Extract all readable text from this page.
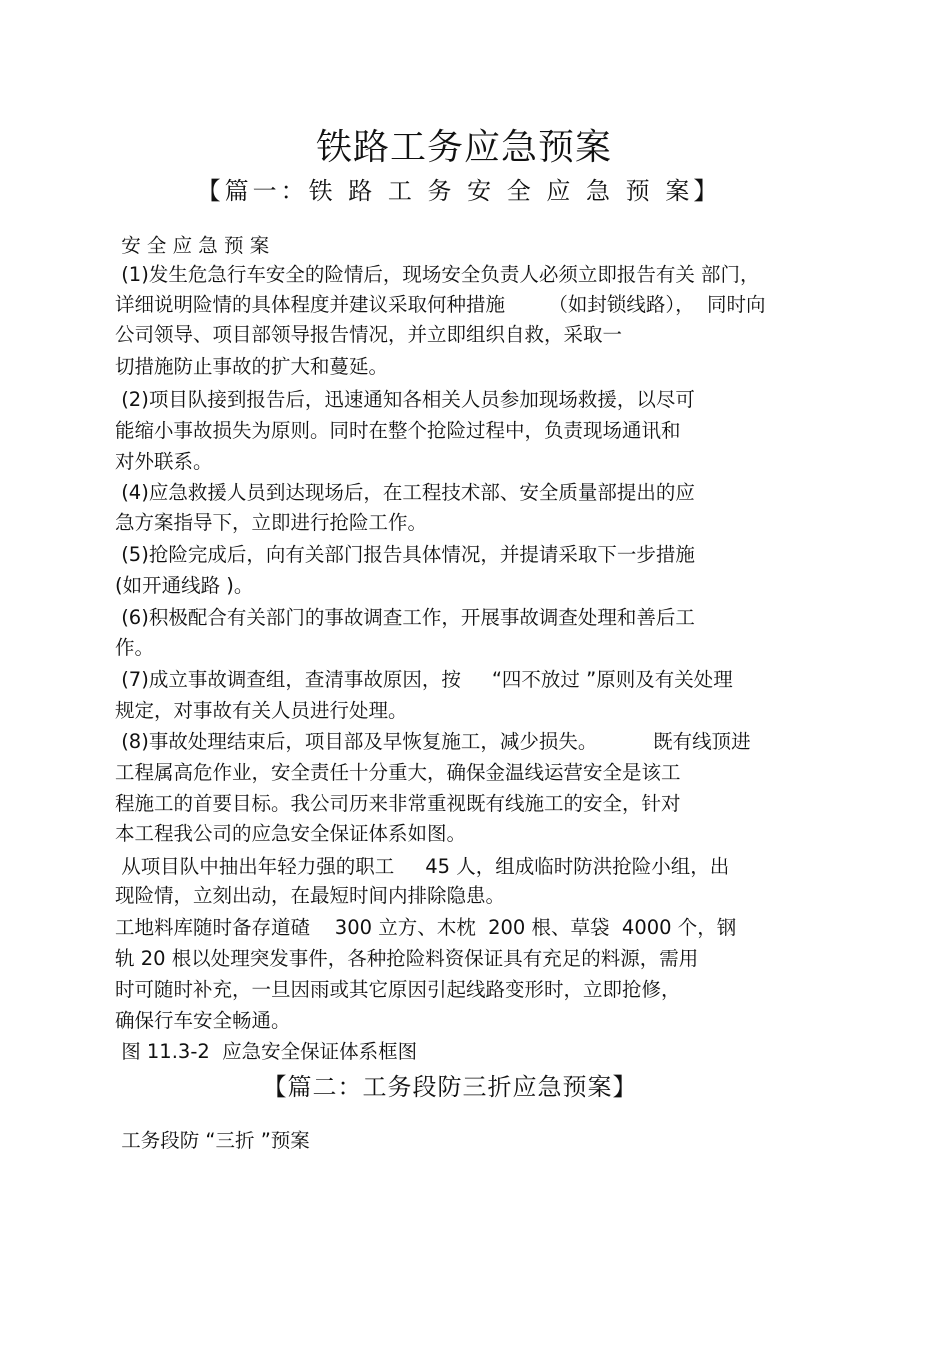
铁路工务应急预案
【篇一：铁 路 工 务 安 全 应 急 预 案】
安 全 应 急 预 案
(1)发生危急行车安全的险情后，现场安全负责人必须立即报告有关 部门，
详细说明险情的具体程度并建议采取何种措施       （如封锁线路），  同时向
公司领导、项目部领导报告情况，并立即组织自救，采取一
切措施防止事故的扩大和蔓延。
(2)项目队接到报告后，迅速通知各相关人员参加现场救援，以尽可
能缩小事故损失为原则。同时在整个抢险过程中，负责现场通讯和
对外联系。
(4)应急救援人员到达现场后，在工程技术部、安全质量部提出的应
急方案指导下，立即进行抢险工作。
(5)抢险完成后，向有关部门报告具体情况，并提请采取下一步措施
(如开通线路 )。
(6)积极配合有关部门的事故调查工作，开展事故调查处理和善后工
作。
(7)成立事故调查组，查清事故原因，按     “四不放过 ”原则及有关处理
规定，对事故有关人员进行处理。
(8)事故处理结束后，项目部及早恢复施工，减少损失。         既有线顶进
工程属高危作业，安全责任十分重大，确保金温线运营安全是该工
程施工的首要目标。我公司历来非常重视既有线施工的安全，针对
本工程我公司的应急安全保证体系如图。
从项目队中抽出年轻力强的职工     45 人，组成临时防洪抢险小组，出
现险情，立刻出动，在最短时间内排除隐患。
工地料库随时备存道碴    300 立方、木枕  200 根、草袋  4000 个，钢
轨 20 根以处理突发事件，各种抢险料资保证具有充足的料源，需用
时可随时补充，一旦因雨或其它原因引起线路变形时，立即抢修，
确保行车安全畅通。
图 11.3-2  应急安全保证体系框图
【篇二：工务段防三折应急预案】
工务段防 “三折 ”预案
